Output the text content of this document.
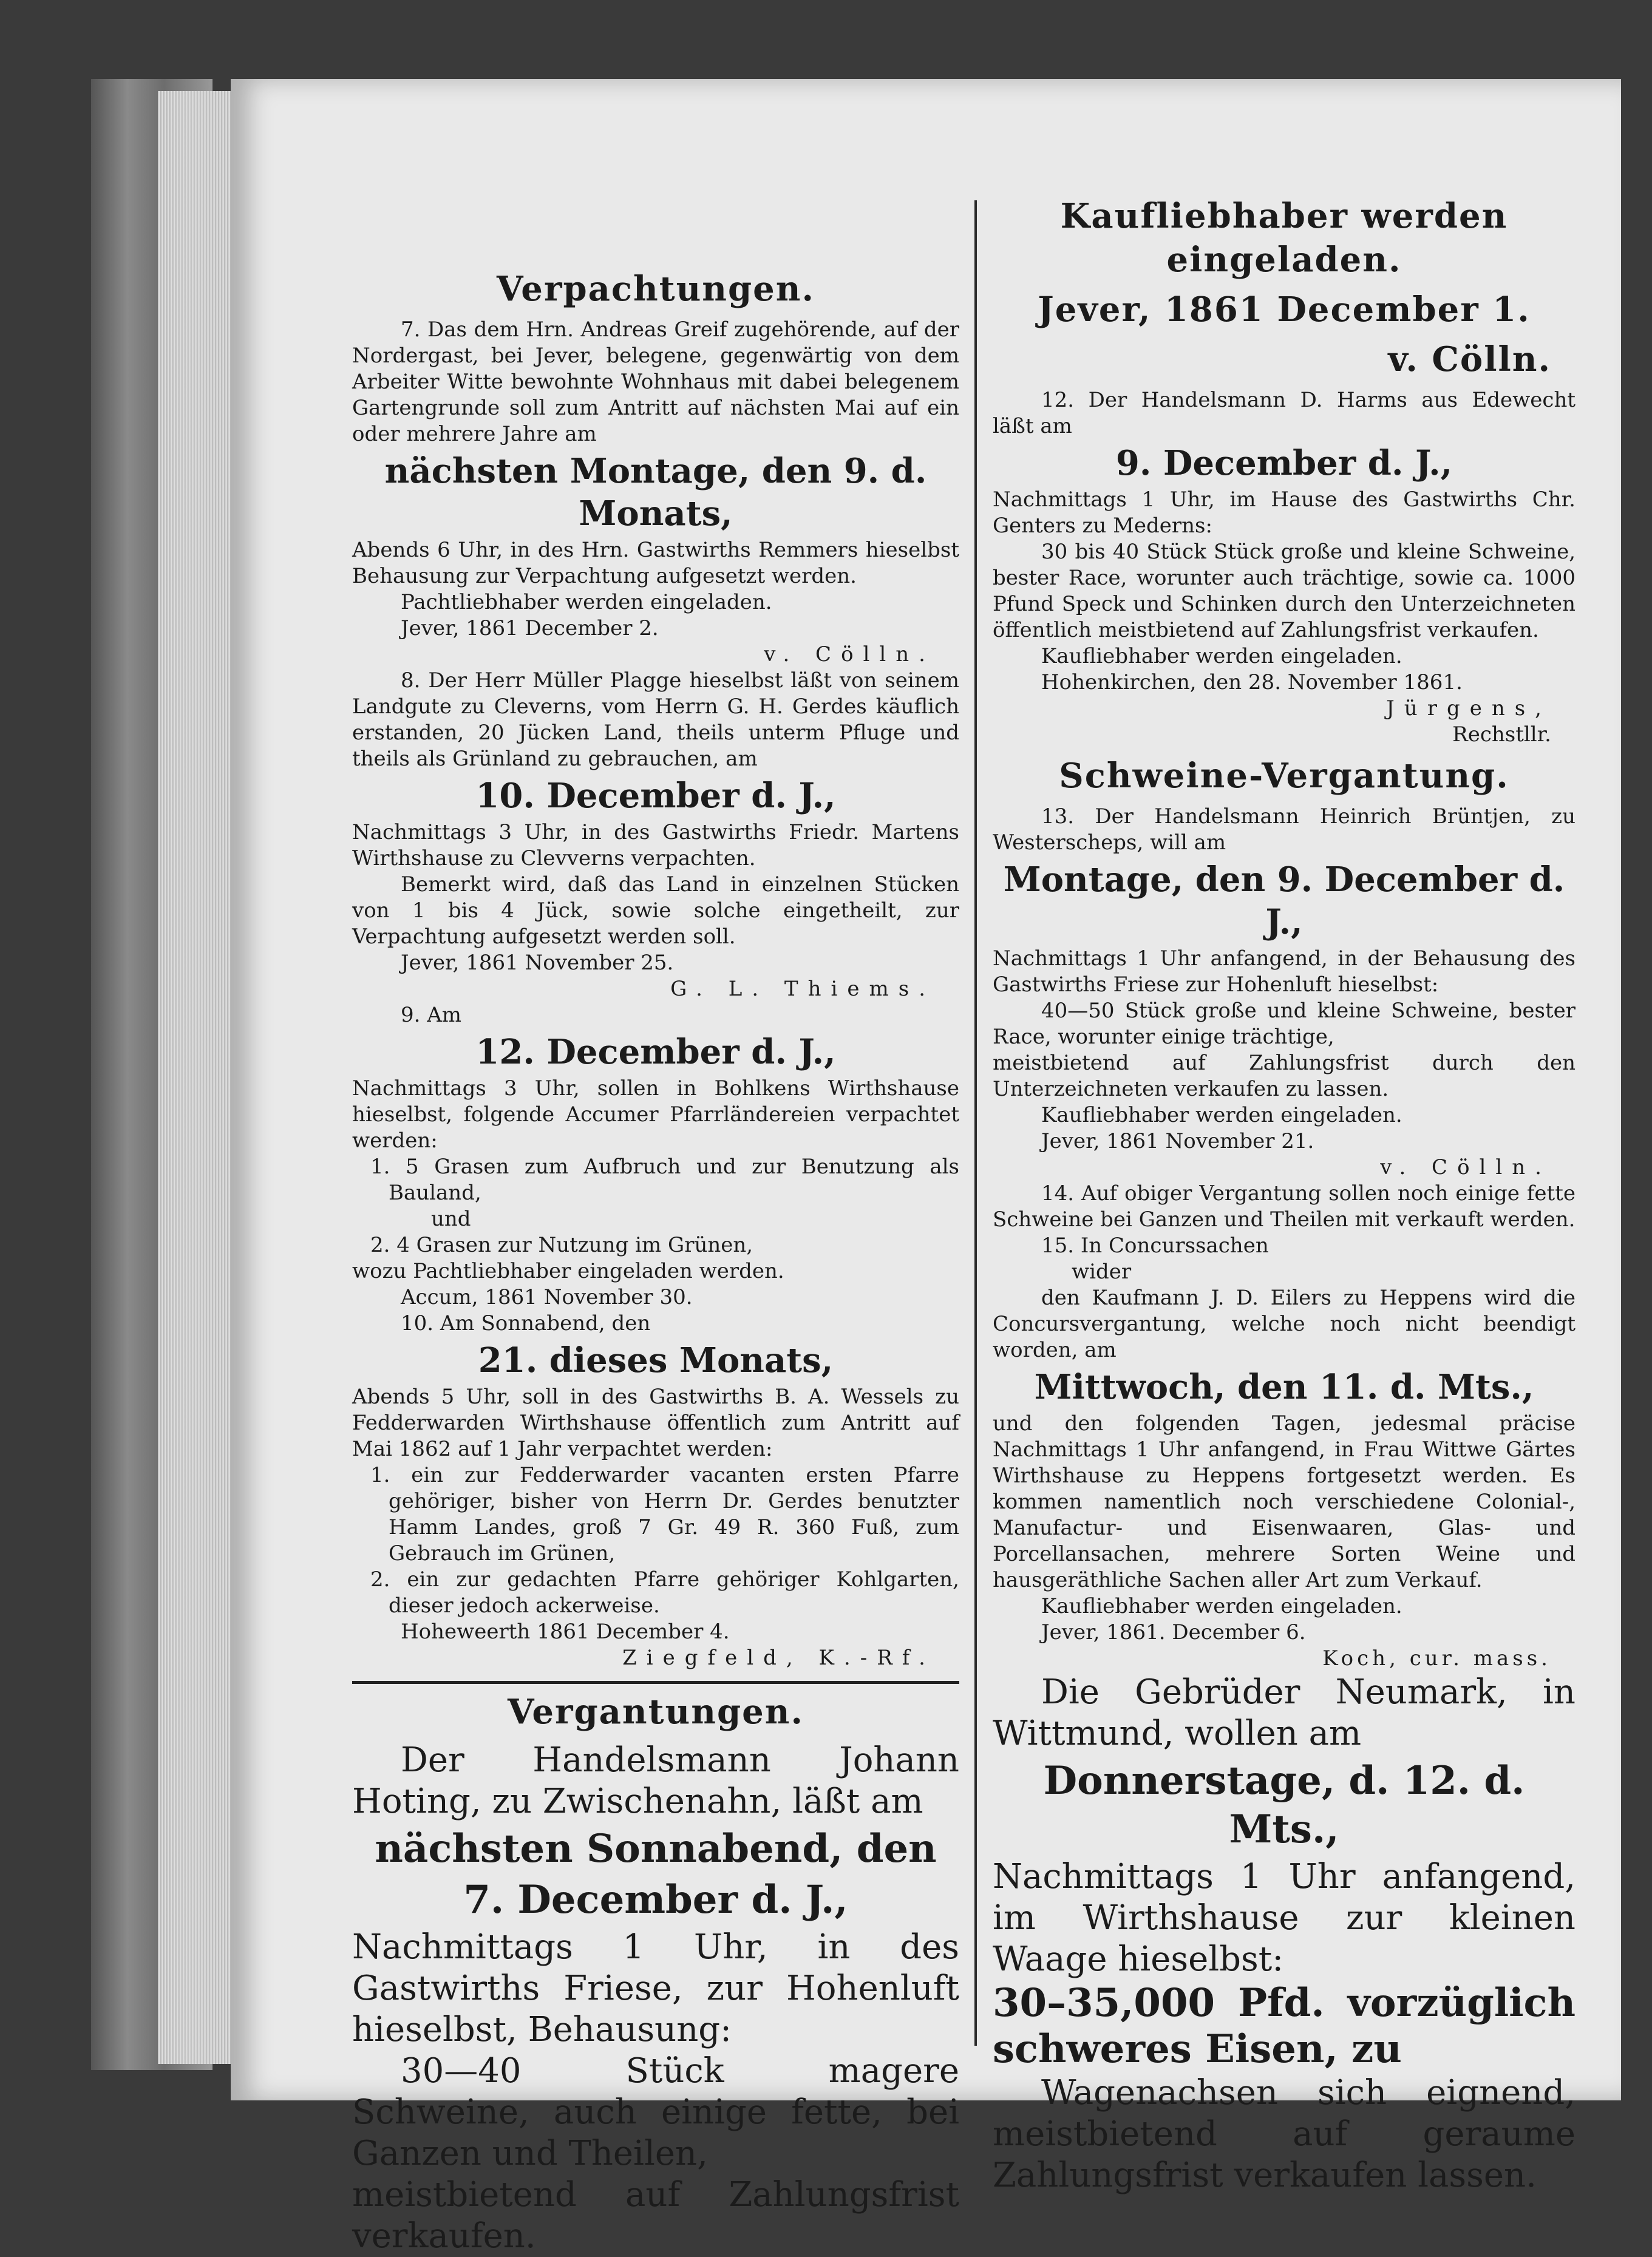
Verpachtungen.

7. Das dem Hrn. Andreas Greif zugehörende, auf der Nordergast, bei Jever, belegene, gegenwärtig von dem Arbeiter Witte bewohnte Wohnhaus mit dabei belegenem Gartengrunde soll zum Antritt auf nächsten Mai auf ein oder mehrere Jahre am

nächsten Montage, den 9. d. Monats,

Abends 6 Uhr, in des Hrn. Gastwirths Remmers hieselbst Behausung zur Verpachtung aufgesetzt werden.

Pachtliebhaber werden eingeladen.

Jever, 1861 December 2.

v. Cölln.

8. Der Herr Müller Plagge hieselbst läßt von seinem Landgute zu Cleverns, vom Herrn G. H. Gerdes käuflich erstanden, 20 Jücken Land, theils unterm Pfluge und theils als Grünland zu gebrauchen, am

10. December d. J.,

Nachmittags 3 Uhr, in des Gastwirths Friedr. Martens Wirthshause zu Clevverns verpachten.

Bemerkt wird, daß das Land in einzelnen Stücken von 1 bis 4 Jück, sowie solche eingetheilt, zur Verpachtung aufgesetzt werden soll.

Jever, 1861 November 25.

G. L. Thiems.

9. Am

12. December d. J.,

Nachmittags 3 Uhr, sollen in Bohlkens Wirthshause hieselbst, folgende Accumer Pfarrländereien verpachtet werden:

1. 5 Grasen zum Aufbruch und zur Benutzung als Bauland,

und

2. 4 Grasen zur Nutzung im Grünen,

wozu Pachtliebhaber eingeladen werden.

Accum, 1861 November 30.

10. Am Sonnabend, den

21. dieses Monats,

Abends 5 Uhr, soll in des Gastwirths B. A. Wessels zu Fedderwarden Wirthshause öffentlich zum Antritt auf Mai 1862 auf 1 Jahr verpachtet werden:

1. ein zur Fedderwarder vacanten ersten Pfarre gehöriger, bisher von Herrn Dr. Gerdes benutzter Hamm Landes, groß 7 Gr. 49 R. 360 Fuß, zum Gebrauch im Grünen,

2. ein zur gedachten Pfarre gehöriger Kohlgarten, dieser jedoch ackerweise.

Hoheweerth 1861 December 4.

Ziegfeld, K.-Rf.

Vergantungen.

Der Handelsmann Johann Hoting, zu Zwischenahn, läßt am

nächsten Sonnabend, den
7. December d. J.,

Nachmittags 1 Uhr, in des Gastwirths Friese, zur Hohenluft hieselbst, Behausung:

30—40 Stück magere Schweine, auch einige fette, bei Ganzen und Theilen,

meistbietend auf Zahlungsfrist verkaufen.

Kaufliebhaber werden eingeladen.
Jever, 1861 December 1.
v. Cölln.

12. Der Handelsmann D. Harms aus Edewecht läßt am

9. December d. J.,

Nachmittags 1 Uhr, im Hause des Gastwirths Chr. Genters zu Mederns:

30 bis 40 Stück Stück große und kleine Schweine, bester Race, worunter auch trächtige, sowie ca. 1000 Pfund Speck und Schinken durch den Unterzeichneten öffentlich meistbietend auf Zahlungsfrist verkaufen.

Kaufliebhaber werden eingeladen.

Hohenkirchen, den 28. November 1861.

Jürgens,

Rechstllr.

Schweine-Vergantung.

13. Der Handelsmann Heinrich Brüntjen, zu Westerscheps, will am

Montage, den 9. December d. J.,

Nachmittags 1 Uhr anfangend, in der Behausung des Gastwirths Friese zur Hohenluft hieselbst:

40—50 Stück große und kleine Schweine, bester Race, worunter einige trächtige,

meistbietend auf Zahlungsfrist durch den Unterzeichneten verkaufen zu lassen.

Kaufliebhaber werden eingeladen.

Jever, 1861 November 21.

v. Cölln.

14. Auf obiger Vergantung sollen noch einige fette Schweine bei Ganzen und Theilen mit verkauft werden.

15. In Concurssachen

wider

den Kaufmann J. D. Eilers zu Heppens wird die Concursvergantung, welche noch nicht beendigt worden, am

Mittwoch, den 11. d. Mts.,

und den folgenden Tagen, jedesmal präcise Nachmittags 1 Uhr anfangend, in Frau Wittwe Gärtes Wirthshause zu Heppens fortgesetzt werden. Es kommen namentlich noch verschiedene Colonial-, Manufactur- und Eisenwaaren, Glas- und Porcellansachen, mehrere Sorten Weine und hausgeräthliche Sachen aller Art zum Verkauf.

Kaufliebhaber werden eingeladen.

Jever, 1861. December 6.

Koch, cur. mass.

Die Gebrüder Neumark, in Wittmund, wollen am

Donnerstage, d. 12. d. Mts.,

Nachmittags 1 Uhr anfangend, im Wirthshause zur kleinen Waage hieselbst:

30–35,000 Pfd. vorzüglich schweres Eisen, zu

Wagenachsen sich eignend, meistbietend auf geraume Zahlungsfrist verkaufen lassen.
